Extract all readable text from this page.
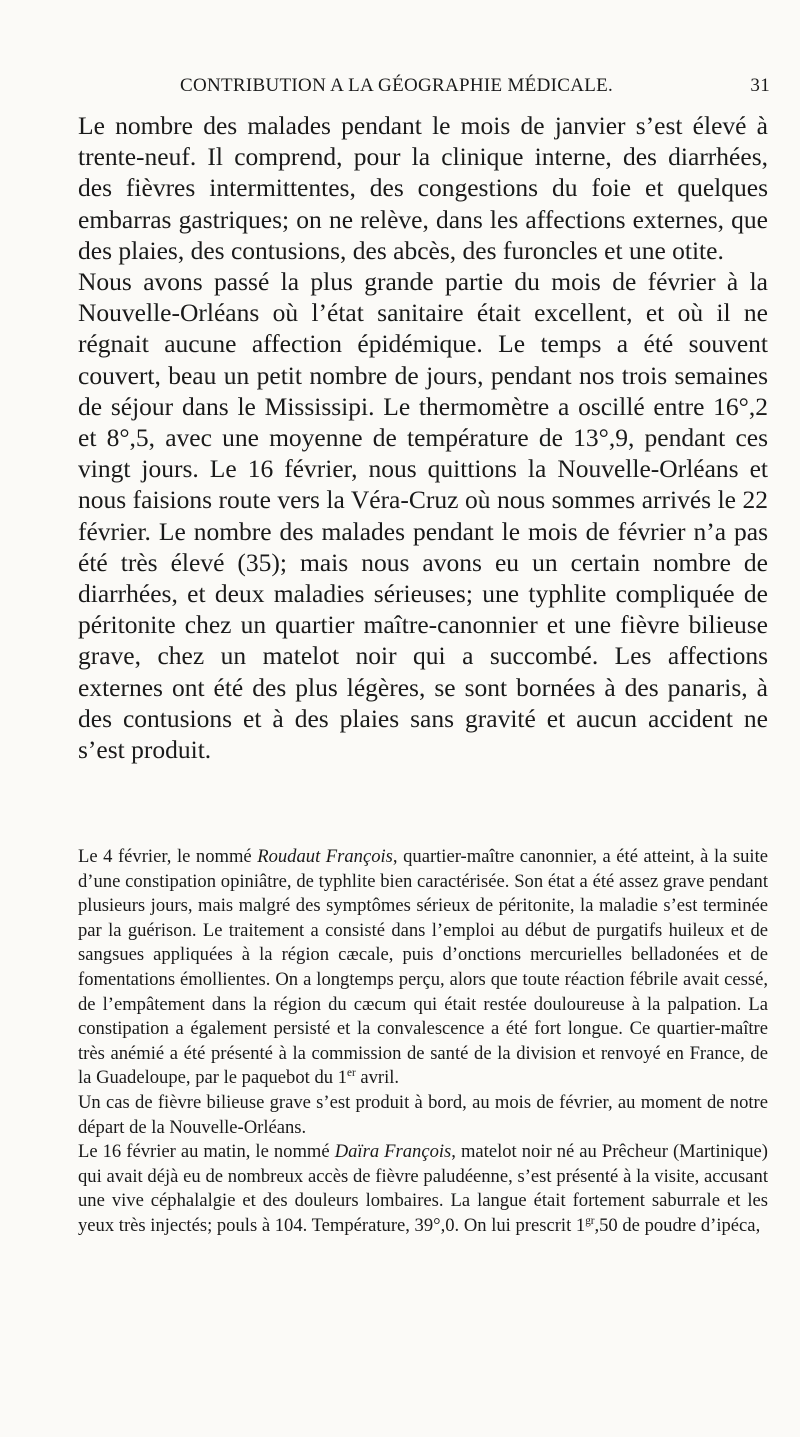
CONTRIBUTION A LA GÉOGRAPHIE MÉDICALE.	31

Le nombre des malades pendant le mois de janvier s’est élevé à trente-neuf. Il comprend, pour la clinique interne, des diarrhées, des fièvres intermittentes, des congestions du foie et quelques embarras gastriques; on ne relève, dans les affections externes, que des plaies, des contusions, des abcès, des furoncles et une otite.

Nous avons passé la plus grande partie du mois de février à la Nouvelle-Orléans où l’état sanitaire était excellent, et où il ne régnait aucune affection épidémique. Le temps a été souvent couvert, beau un petit nombre de jours, pendant nos trois semaines de séjour dans le Mississipi. Le thermomètre a oscillé entre 16°,2 et 8°,5, avec une moyenne de température de 13°,9, pendant ces vingt jours. Le 16 février, nous quittions la Nouvelle-Orléans et nous faisions route vers la Véra-Cruz où nous sommes arrivés le 22 février. Le nombre des malades pendant le mois de février n’a pas été très élevé (35); mais nous avons eu un certain nombre de diarrhées, et deux maladies sérieuses; une typhlite compliquée de péritonite chez un quartier maître-canonnier et une fièvre bilieuse grave, chez un matelot noir qui a succombé. Les affections externes ont été des plus légères, se sont bornées à des panaris, à des contusions et à des plaies sans gravité et aucun accident ne s’est produit.

Le 4 février, le nommé Roudaut François, quartier-maître canonnier, a été atteint, à la suite d’une constipation opiniâtre, de typhlite bien caractérisée. Son état a été assez grave pendant plusieurs jours, mais malgré des symptômes sérieux de péritonite, la maladie s’est terminée par la guérison. Le traitement a consisté dans l’emploi au début de purgatifs huileux et de sangsues appliquées à la région cæcale, puis d’onctions mercurielles belladonées et de fomentations émollientes. On a longtemps perçu, alors que toute réaction fébrile avait cessé, de l’empâtement dans la région du cæcum qui était restée douloureuse à la palpation. La constipation a également persisté et la convalescence a été fort longue. Ce quartier-maître très anémié a été présenté à la commission de santé de la division et renvoyé en France, de la Guadeloupe, par le paquebot du 1er avril.

Un cas de fièvre bilieuse grave s’est produit à bord, au mois de février, au moment de notre départ de la Nouvelle-Orléans.

Le 16 février au matin, le nommé Daïra François, matelot noir né au Prêcheur (Martinique) qui avait déjà eu de nombreux accès de fièvre paludéenne, s’est présenté à la visite, accusant une vive céphalalgie et des douleurs lombaires. La langue était fortement saburrale et les yeux très injectés; pouls à 104. Température, 39°,0. On lui prescrit $1^{gr},50$ de poudre d’ipéca,
